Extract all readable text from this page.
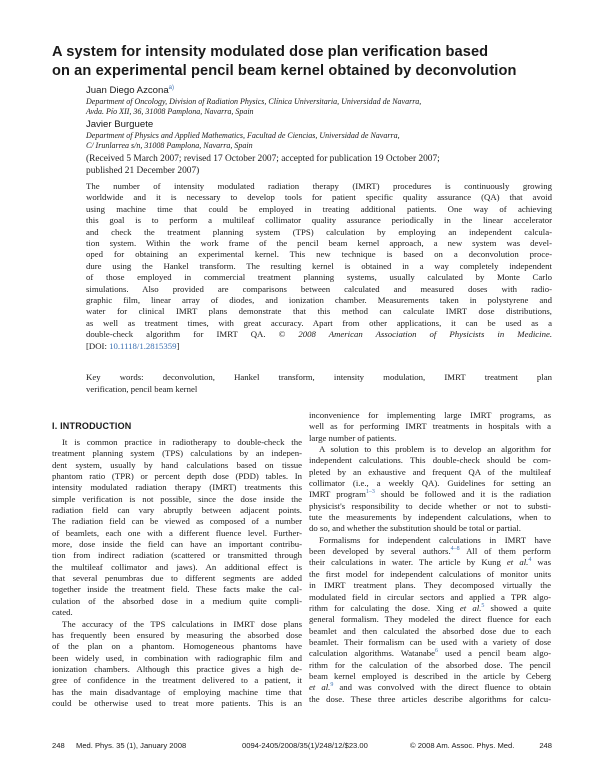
A system for intensity modulated dose plan verification based
on an experimental pencil beam kernel obtained by deconvolution
Juan Diego Azcona$^{a)}$
Department of Oncology, Division of Radiation Physics, Clínica Universitaria, Universidad de Navarra,
Avda. Pío XII, 36, 31008 Pamplona, Navarra, Spain
Javier Burguete
Department of Physics and Applied Mathematics, Facultad de Ciencias, Universidad de Navarra,
C/ Irunlarrea s/n, 31008 Pamplona, Navarra, Spain
(Received 5 March 2007; revised 17 October 2007; accepted for publication 19 October 2007;
published 21 December 2007)
The number of intensity modulated radiation therapy (IMRT) procedures is continuously growing
worldwide and it is necessary to develop tools for patient specific quality assurance (QA) that avoid
using machine time that could be employed in treating additional patients. One way of achieving
this goal is to perform a multileaf collimator quality assurance periodically in the linear accelerator
and check the treatment planning system (TPS) calculation by employing an independent calcula-
tion system. Within the work frame of the pencil beam kernel approach, a new system was devel-
oped for obtaining an experimental kernel. This new technique is based on a deconvolution proce-
dure using the Hankel transform. The resulting kernel is obtained in a way completely independent
of those employed in commercial treatment planning systems, usually calculated by Monte Carlo
simulations. Also provided are comparisons between calculated and measured doses with radio-
graphic film, linear array of diodes, and ionization chamber. Measurements taken in polystyrene and
water for clinical IMRT plans demonstrate that this method can calculate IMRT dose distributions,
as well as treatment times, with great accuracy. Apart from other applications, it can be used as a
double-check algorithm for IMRT QA. © 2008 American Association of Physicists in Medicine.
[DOI: 10.1118/1.2815359]
Key words: deconvolution, Hankel transform, intensity modulation, IMRT treatment plan
verification, pencil beam kernel
I. INTRODUCTION
It is common practice in radiotherapy to double-check the
treatment planning system (TPS) calculations by an indepen-
dent system, usually by hand calculations based on tissue
phantom ratio (TPR) or percent depth dose (PDD) tables. In
intensity modulated radiation therapy (IMRT) treatments this
simple verification is not possible, since the dose inside the
radiation field can vary abruptly between adjacent points.
The radiation field can be viewed as composed of a number
of beamlets, each one with a different fluence level. Further-
more, dose inside the field can have an important contribu-
tion from indirect radiation (scattered or transmitted through
the multileaf collimator and jaws). An additional effect is
that several penumbras due to different segments are added
together inside the treatment field. These facts make the cal-
culation of the absorbed dose in a medium quite compli-
cated.
The accuracy of the TPS calculations in IMRT dose plans
has frequently been ensured by measuring the absorbed dose
of the plan on a phantom. Homogeneous phantoms have
been widely used, in combination with radiographic film and
ionization chambers. Although this practice gives a high de-
gree of confidence in the treatment delivered to a patient, it
has the main disadvantage of employing machine time that
could be otherwise used to treat more patients. This is an
inconvenience for implementing large IMRT programs, as
well as for performing IMRT treatments in hospitals with a
large number of patients.
A solution to this problem is to develop an algorithm for
independent calculations. This double-check should be com-
pleted by an exhaustive and frequent QA of the multileaf
collimator (i.e., a weekly QA). Guidelines for setting an
IMRT program$^{1-3}$ should be followed and it is the radiation
physicist's responsibility to decide whether or not to substi-
tute the measurements by independent calculations, when to
do so, and whether the substitution should be total or partial.
Formalisms for independent calculations in IMRT have
been developed by several authors.$^{4-8}$ All of them perform
their calculations in water. The article by Kung et al.$^4$ was
the first model for independent calculations of monitor units
in IMRT treatment plans. They decomposed virtually the
modulated field in circular sectors and applied a TPR algo-
rithm for calculating the dose. Xing et al.$^5$ showed a quite
general formalism. They modeled the direct fluence for each
beamlet and then calculated the absorbed dose due to each
beamlet. Their formalism can be used with a variety of dose
calculation algorithms. Watanabe$^6$ used a pencil beam algo-
rithm for the calculation of the absorbed dose. The pencil
beam kernel employed is described in the article by Ceberg
et al.$^9$ and was convolved with the direct fluence to obtain
the dose. These three articles describe algorithms for calcu-
248 Med. Phys. 35 (1), January 2008	0094-2405/2008/35(1)/248/12/$23.00	© 2008 Am. Assoc. Phys. Med.	248
